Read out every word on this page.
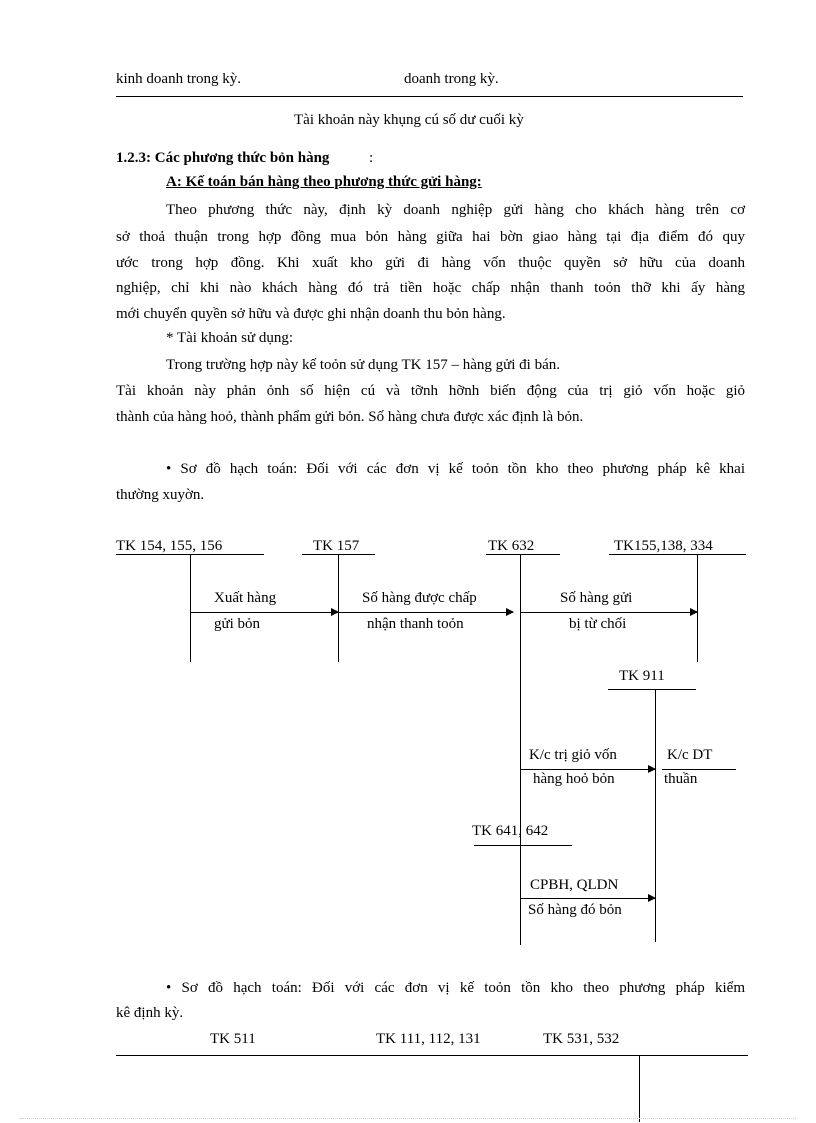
kinh doanh trong kỳ.	doanh trong kỳ.
Tài khoản này khụng cú số dư cuối kỳ
1.2.3: Các phương thức bỏn hàng	:
A: Kế toán bán hàng theo phương thức gửi hàng:
Theo phương thức này, định kỳ doanh nghiệp gửi hàng cho khách hàng trên cơ
sở thoả thuận trong hợp đồng mua bỏn hàng giữa hai bờn giao hàng tại địa điểm đó quy
ước trong hợp đồng. Khi xuất kho gửi đi hàng vốn thuộc quyền sở hữu của doanh
nghiệp, chỉ khi nào khách hàng đó trả tiền hoặc chấp nhận thanh toỏn thỡ khi ấy hàng
mới chuyển quyền sở hữu và được ghi nhận doanh thu bỏn hàng.
* Tài khoản sử dụng:
Trong trường hợp này kế toỏn sử dụng TK 157 – hàng gửi đi bán.
Tài khoản này phản ỏnh số hiện cú và tỡnh hỡnh biến động của trị giỏ vốn hoặc giỏ
thành của hàng hoỏ, thành phẩm gửi bỏn. Số hàng chưa được xác định là bỏn.
• Sơ đồ hạch toán: Đối với các đơn vị kế toỏn tồn kho theo phương pháp kê khai
thường xuyờn.
TK 154, 155, 156	TK 157	TK 632	TK155,138, 334
Xuất hàng
gửi bỏn
Số hàng được chấp
nhận thanh toỏn
Số hàng gửi
bị từ chối
TK 911
K/c trị giỏ vốn
hàng hoỏ bỏn
K/c DT
thuần
TK 641, 642
CPBH, QLDN
Số hàng đó bỏn
• Sơ đồ hạch toán: Đối với các đơn vị kế toỏn tồn kho theo phương pháp kiểm
kê định kỳ.
TK 511	TK 111, 112, 131	TK 531, 532
